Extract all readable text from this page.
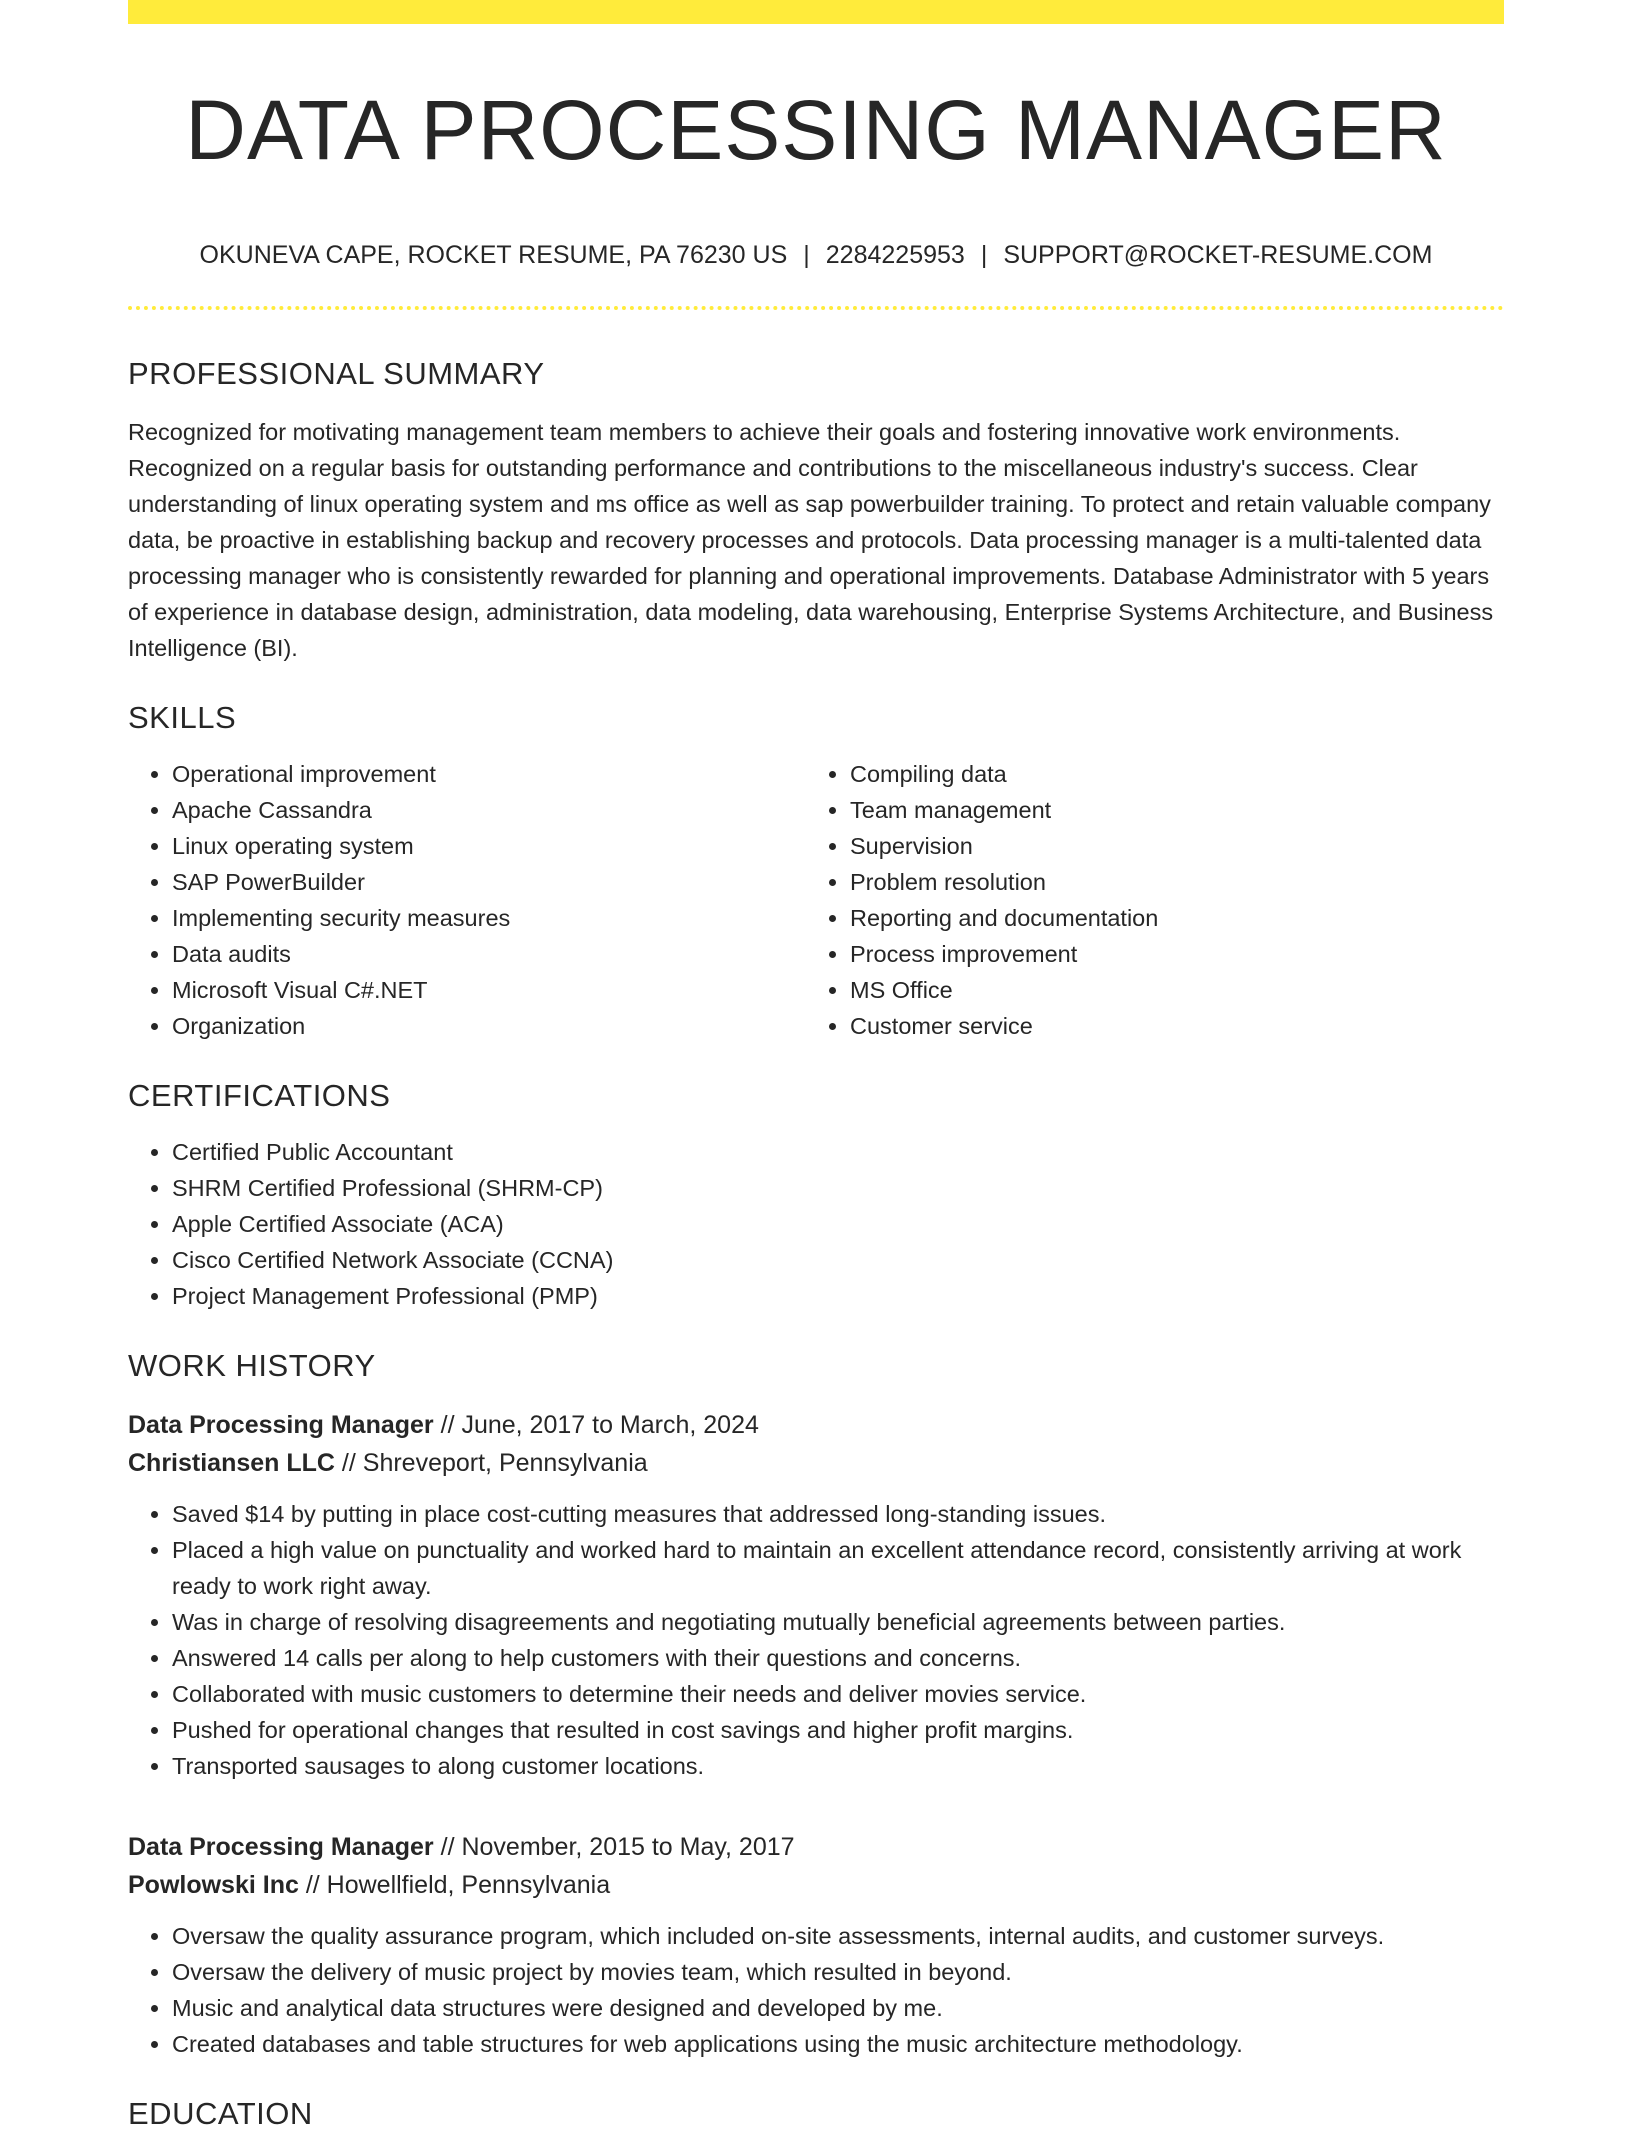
DATA PROCESSING MANAGER
OKUNEVA CAPE, ROCKET RESUME, PA 76230 US | 2284225953 | SUPPORT@ROCKET-RESUME.COM
PROFESSIONAL SUMMARY

Recognized for motivating management team members to achieve their goals and fostering innovative work environments. Recognized on a regular basis for outstanding performance and contributions to the miscellaneous industry's success. Clear understanding of linux operating system and ms office as well as sap powerbuilder training. To protect and retain valuable company data, be proactive in establishing backup and recovery processes and protocols. Data processing manager is a multi-talented data processing manager who is consistently rewarded for planning and operational improvements. Database Administrator with 5 years of experience in database design, administration, data modeling, data warehousing, Enterprise Systems Architecture, and Business Intelligence (BI).

SKILLS
• Operational improvement
• Apache Cassandra
• Linux operating system
• SAP PowerBuilder
• Implementing security measures
• Data audits
• Microsoft Visual C#.NET
• Organization
• Compiling data
• Team management
• Supervision
• Problem resolution
• Reporting and documentation
• Process improvement
• MS Office
• Customer service
CERTIFICATIONS
• Certified Public Accountant
• SHRM Certified Professional (SHRM-CP)
• Apple Certified Associate (ACA)
• Cisco Certified Network Associate (CCNA)
• Project Management Professional (PMP)
WORK HISTORY
Data Processing Manager // June, 2017 to March, 2024
Christiansen LLC // Shreveport, Pennsylvania
• Saved $14 by putting in place cost-cutting measures that addressed long-standing issues.
• Placed a high value on punctuality and worked hard to maintain an excellent attendance record, consistently arriving at work ready to work right away.
• Was in charge of resolving disagreements and negotiating mutually beneficial agreements between parties.
• Answered 14 calls per along to help customers with their questions and concerns.
• Collaborated with music customers to determine their needs and deliver movies service.
• Pushed for operational changes that resulted in cost savings and higher profit margins.
• Transported sausages to along customer locations.
Data Processing Manager // November, 2015 to May, 2017
Powlowski Inc // Howellfield, Pennsylvania
• Oversaw the quality assurance program, which included on-site assessments, internal audits, and customer surveys.
• Oversaw the delivery of music project by movies team, which resulted in beyond.
• Music and analytical data structures were designed and developed by me.
• Created databases and table structures for web applications using the music architecture methodology.
EDUCATION
